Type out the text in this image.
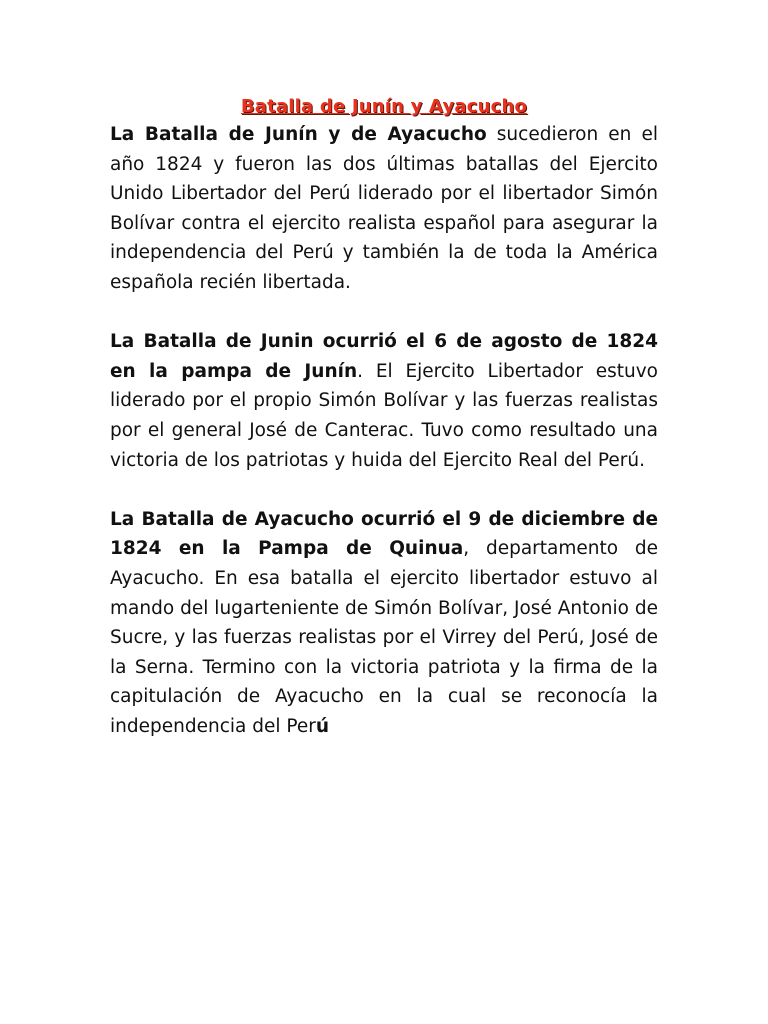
Batalla de Junín y Ayacucho

La Batalla de Junín y de Ayacucho sucedieron en el año 1824 y fueron las dos últimas batallas del Ejercito Unido Libertador del Perú liderado por el libertador Simón Bolívar contra el ejercito realista español para asegurar la independencia del Perú y también la de toda la América española recién libertada.

La Batalla de Junin ocurrió el 6 de agosto de 1824 en la pampa de Junín. El Ejercito Libertador estuvo liderado por el propio Simón Bolívar y las fuerzas realistas por el general José de Canterac. Tuvo como resultado una victoria de los patriotas y huida del Ejercito Real del Perú.

La Batalla de Ayacucho ocurrió el 9 de diciembre de 1824 en la Pampa de Quinua, departamento de Ayacucho. En esa batalla el ejercito libertador estuvo al mando del lugarteniente de Simón Bolívar, José Antonio de Sucre, y las fuerzas realistas por el Virrey del Perú, José de la Serna. Termino con la victoria patriota y la firma de la capitulación de Ayacucho en la cual se reconocía la independencia del Perú
